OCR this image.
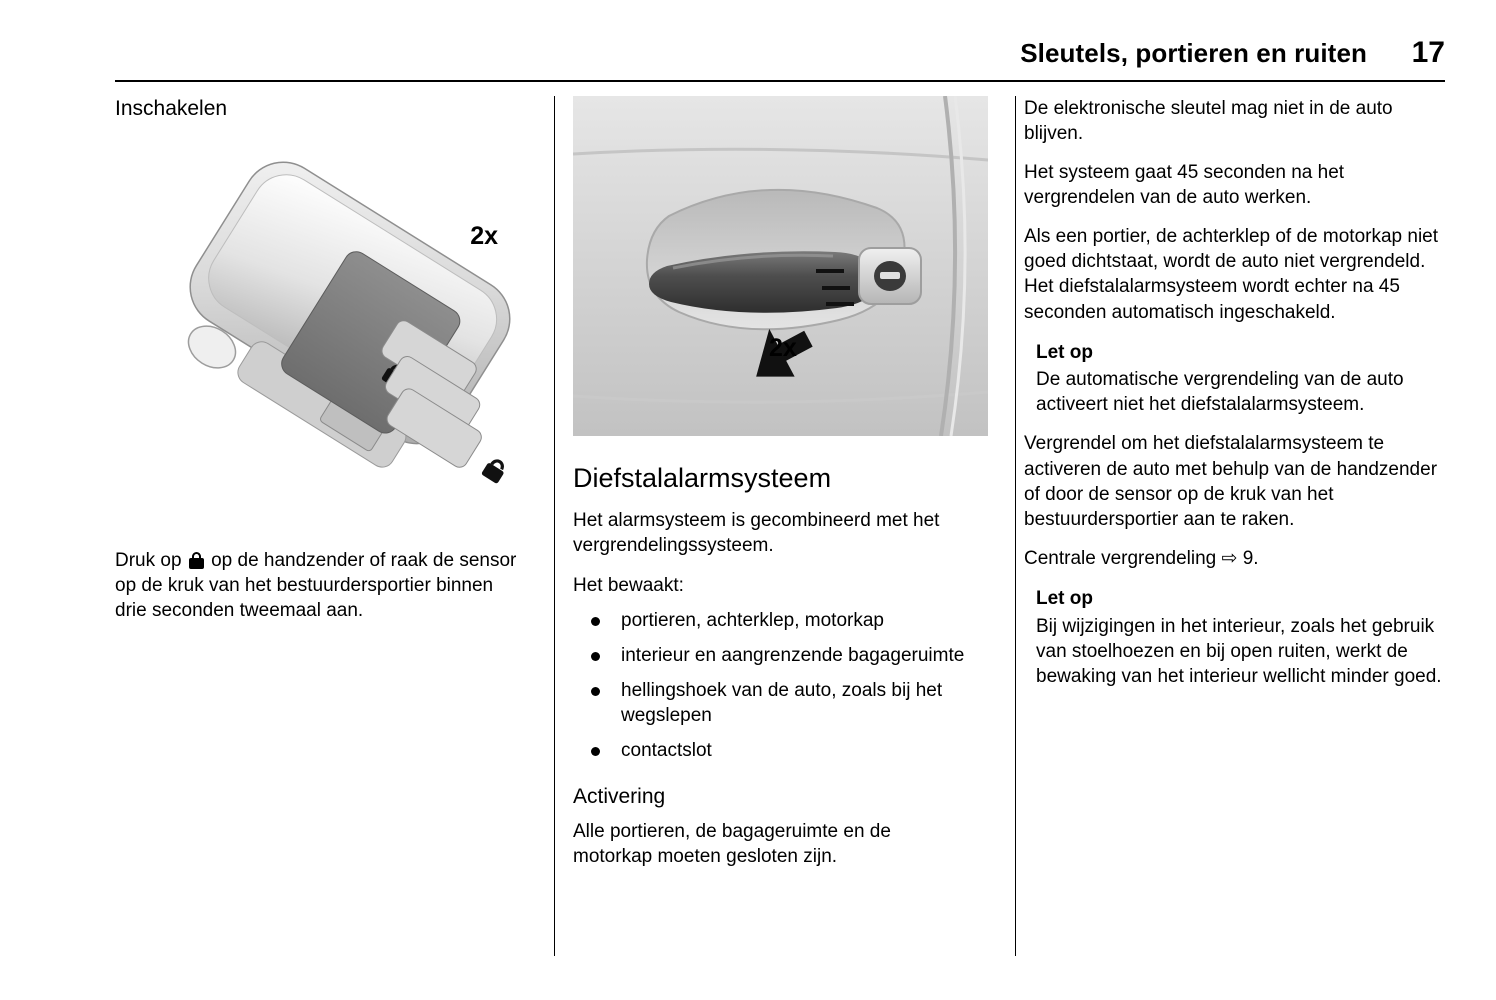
Sleutels, portieren en ruiten	17
Inschakelen
2x

Druk op op de handzender of raak de sensor op de kruk van het bestuurdersportier binnen drie seconden tweemaal aan.

2x
Diefstalalarmsysteem

Het alarmsysteem is gecombineerd met het vergrendelingssysteem.

Het bewaakt:

portieren, achterklep, motorkap
interieur en aangrenzende bagageruimte
hellingshoek van de auto, zoals bij het wegslepen
contactslot
Activering

Alle portieren, de bagageruimte en de motorkap moeten gesloten zijn.

De elektronische sleutel mag niet in de auto blijven.

Het systeem gaat 45 seconden na het vergrendelen van de auto werken.

Als een portier, de achterklep of de motorkap niet goed dichtstaat, wordt de auto niet vergrendeld. Het diefstalalarmsysteem wordt echter na 45 seconden automatisch ingeschakeld.

Let op

De automatische vergrendeling van de auto activeert niet het diefstalalarmsysteem.

Vergrendel om het diefstalalarmsysteem te activeren de auto met behulp van de handzender of door de sensor op de kruk van het bestuurdersportier aan te raken.

Centrale vergrendeling ⇨ 9.

Let op

Bij wijzigingen in het interieur, zoals het gebruik van stoelhoezen en bij open ruiten, werkt de bewaking van het interieur wellicht minder goed.
